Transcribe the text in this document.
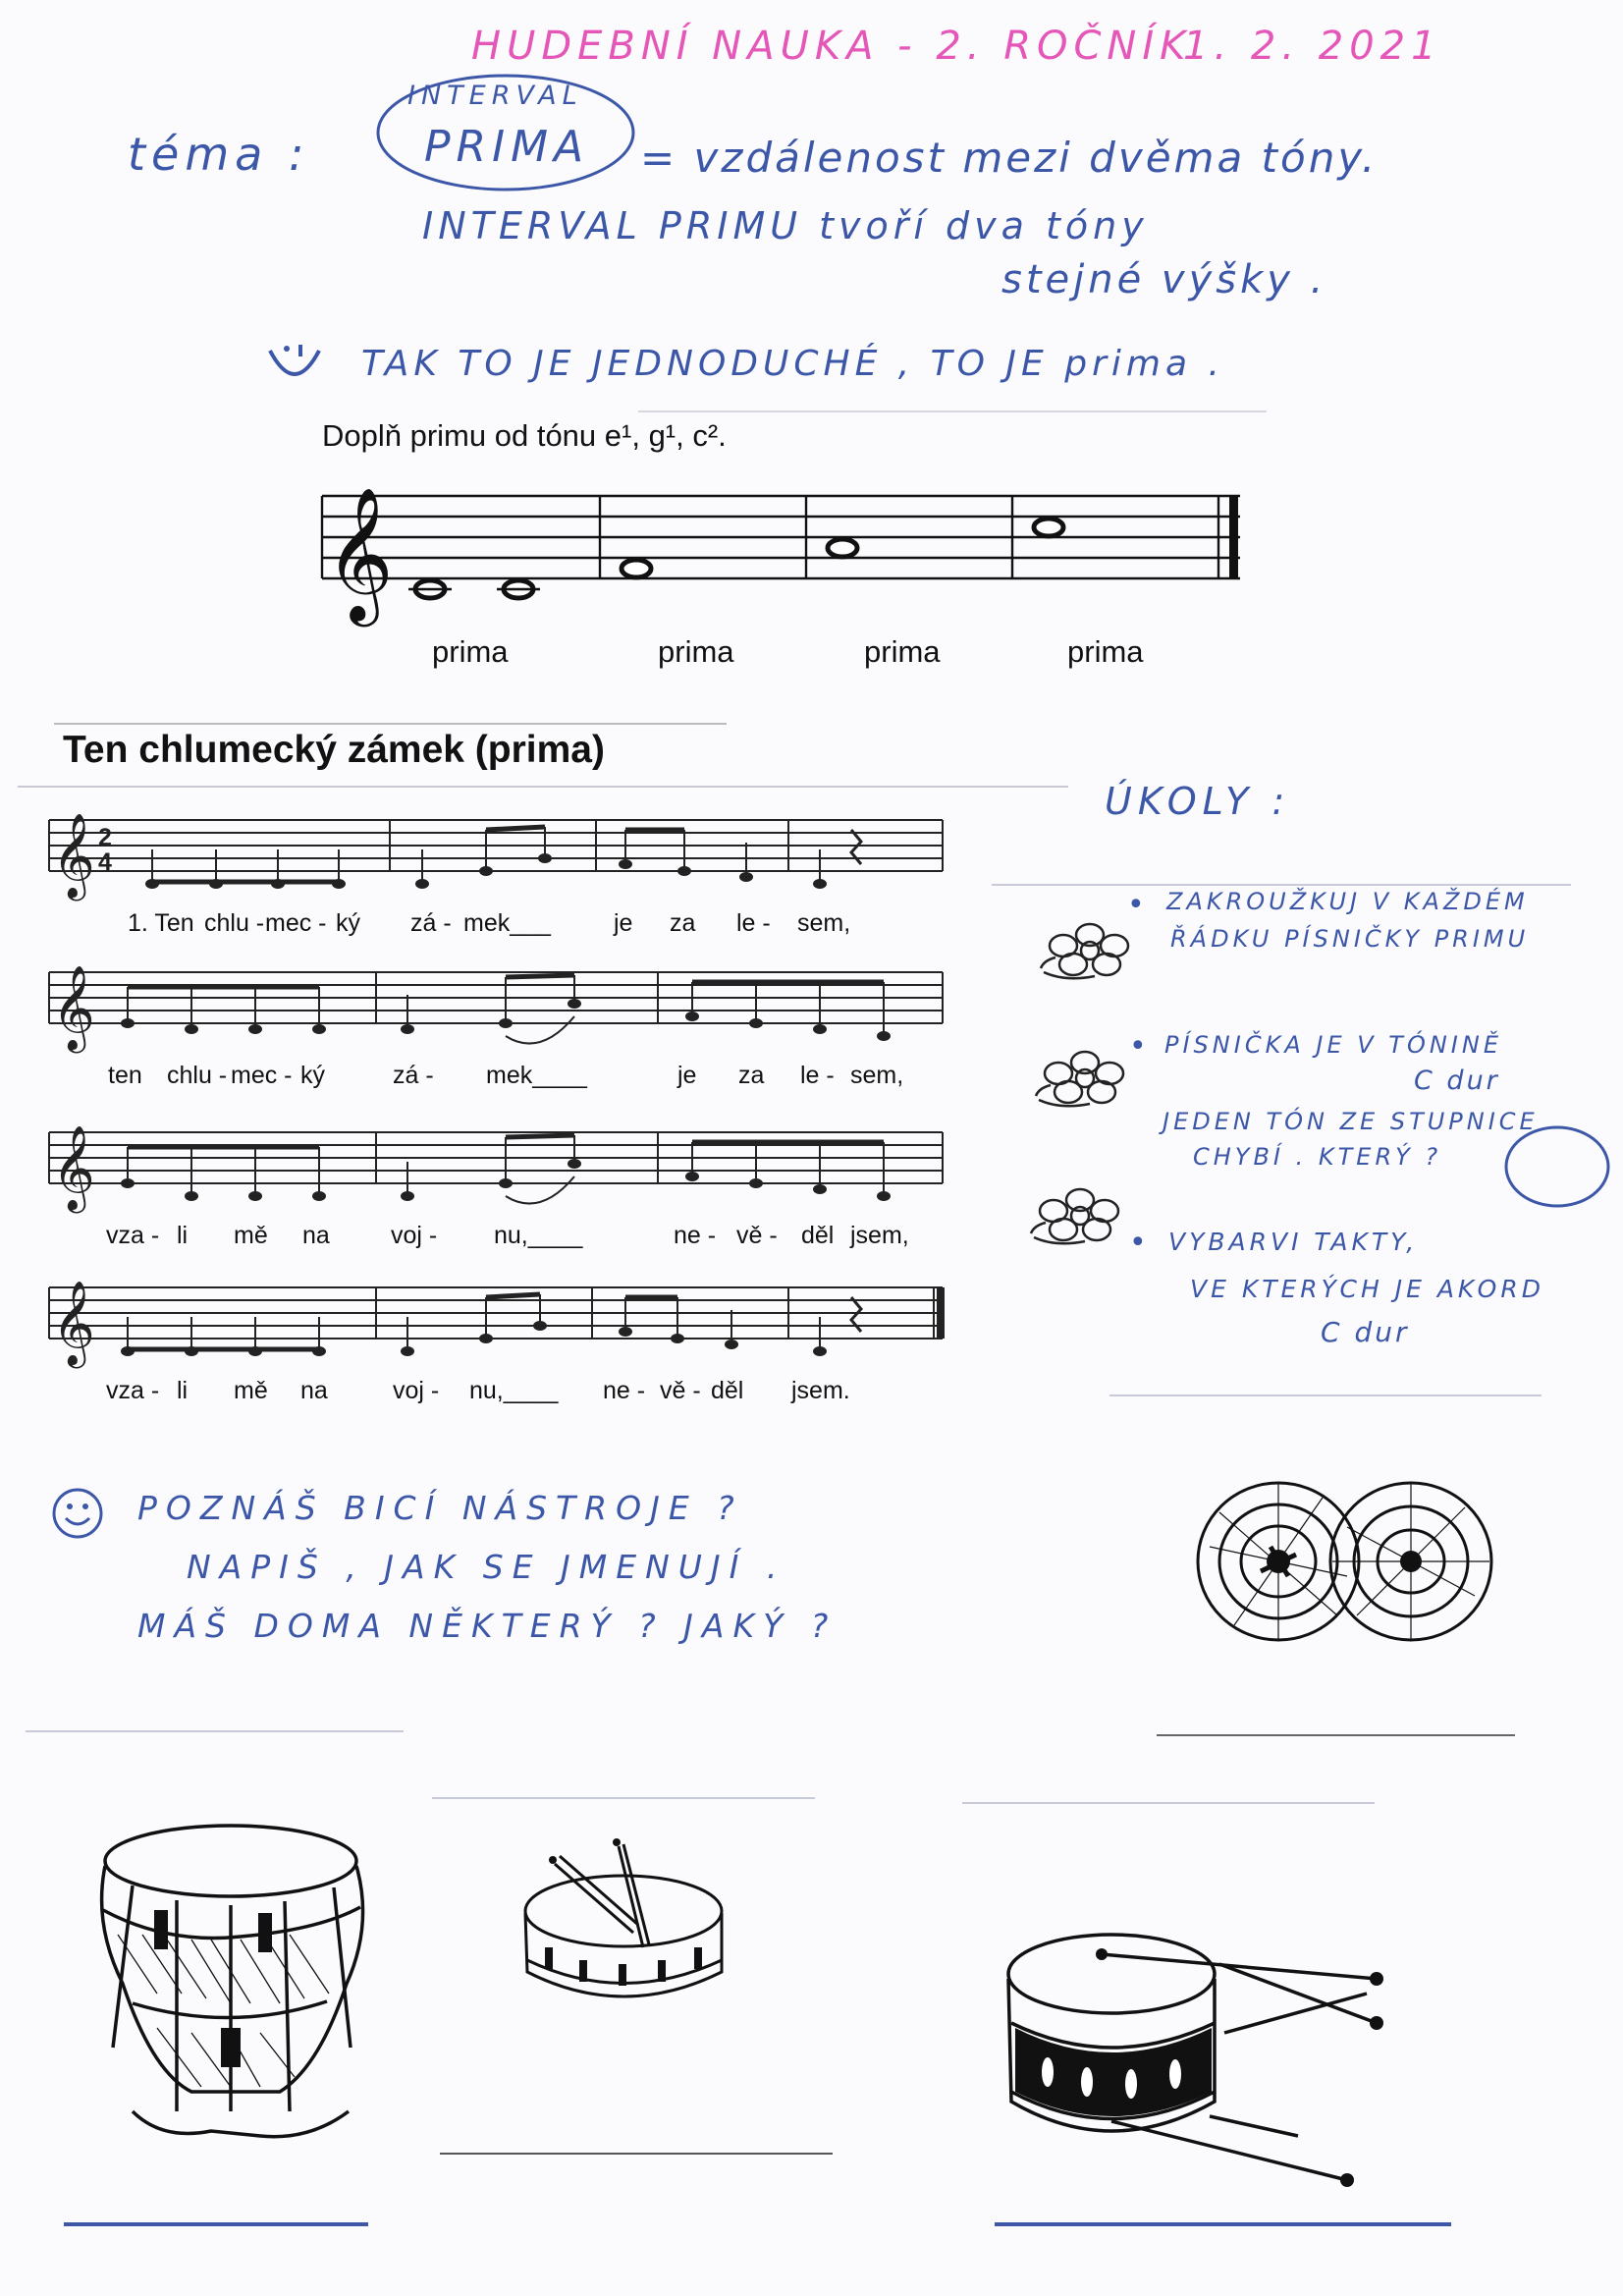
HUDEBNÍ NAUKA - 2. ROČNÍK
1. 2. 2021
téma :
INTERVAL
PRIMA = vzdálenost mezi dvěma tóny.
INTERVAL PRIMU tvoří dva tóny
stejné výšky .
TAK TO JE JEDNODUCHÉ , TO JE prima .
Doplň primu od tónu e¹, g¹, c².
𝄞
prima	prima	prima	prima
Ten chlumecký zámek (prima)
𝄞 2
4
1. Ten chlu - mec - ký zá - mek___	je za le - sem,
𝄞
ten chlu - mec - ký	zá - mek____	je za le - sem,
𝄞
vza - li mě na voj - nu,____	ne - vě - děl jsem,
𝄞
vza - li mě na	voj - nu,____ ne - vě - děl jsem.
ÚKOLY :
• ZAKROUŽKUJ V KAŽDÉM
ŘÁDKU PÍSNIČKY PRIMU
• PÍSNIČKA JE V TÓNINĚ
C dur
JEDEN TÓN ZE STUPNICE
CHYBÍ . KTERÝ ?
• VYBARVI TAKTY,
VE KTERÝCH JE AKORD
C dur
POZNÁŠ BICÍ NÁSTROJE ?
NAPIŠ , JAK SE JMENUJÍ .
MÁŠ DOMA NĚKTERÝ ? JAKÝ ?
